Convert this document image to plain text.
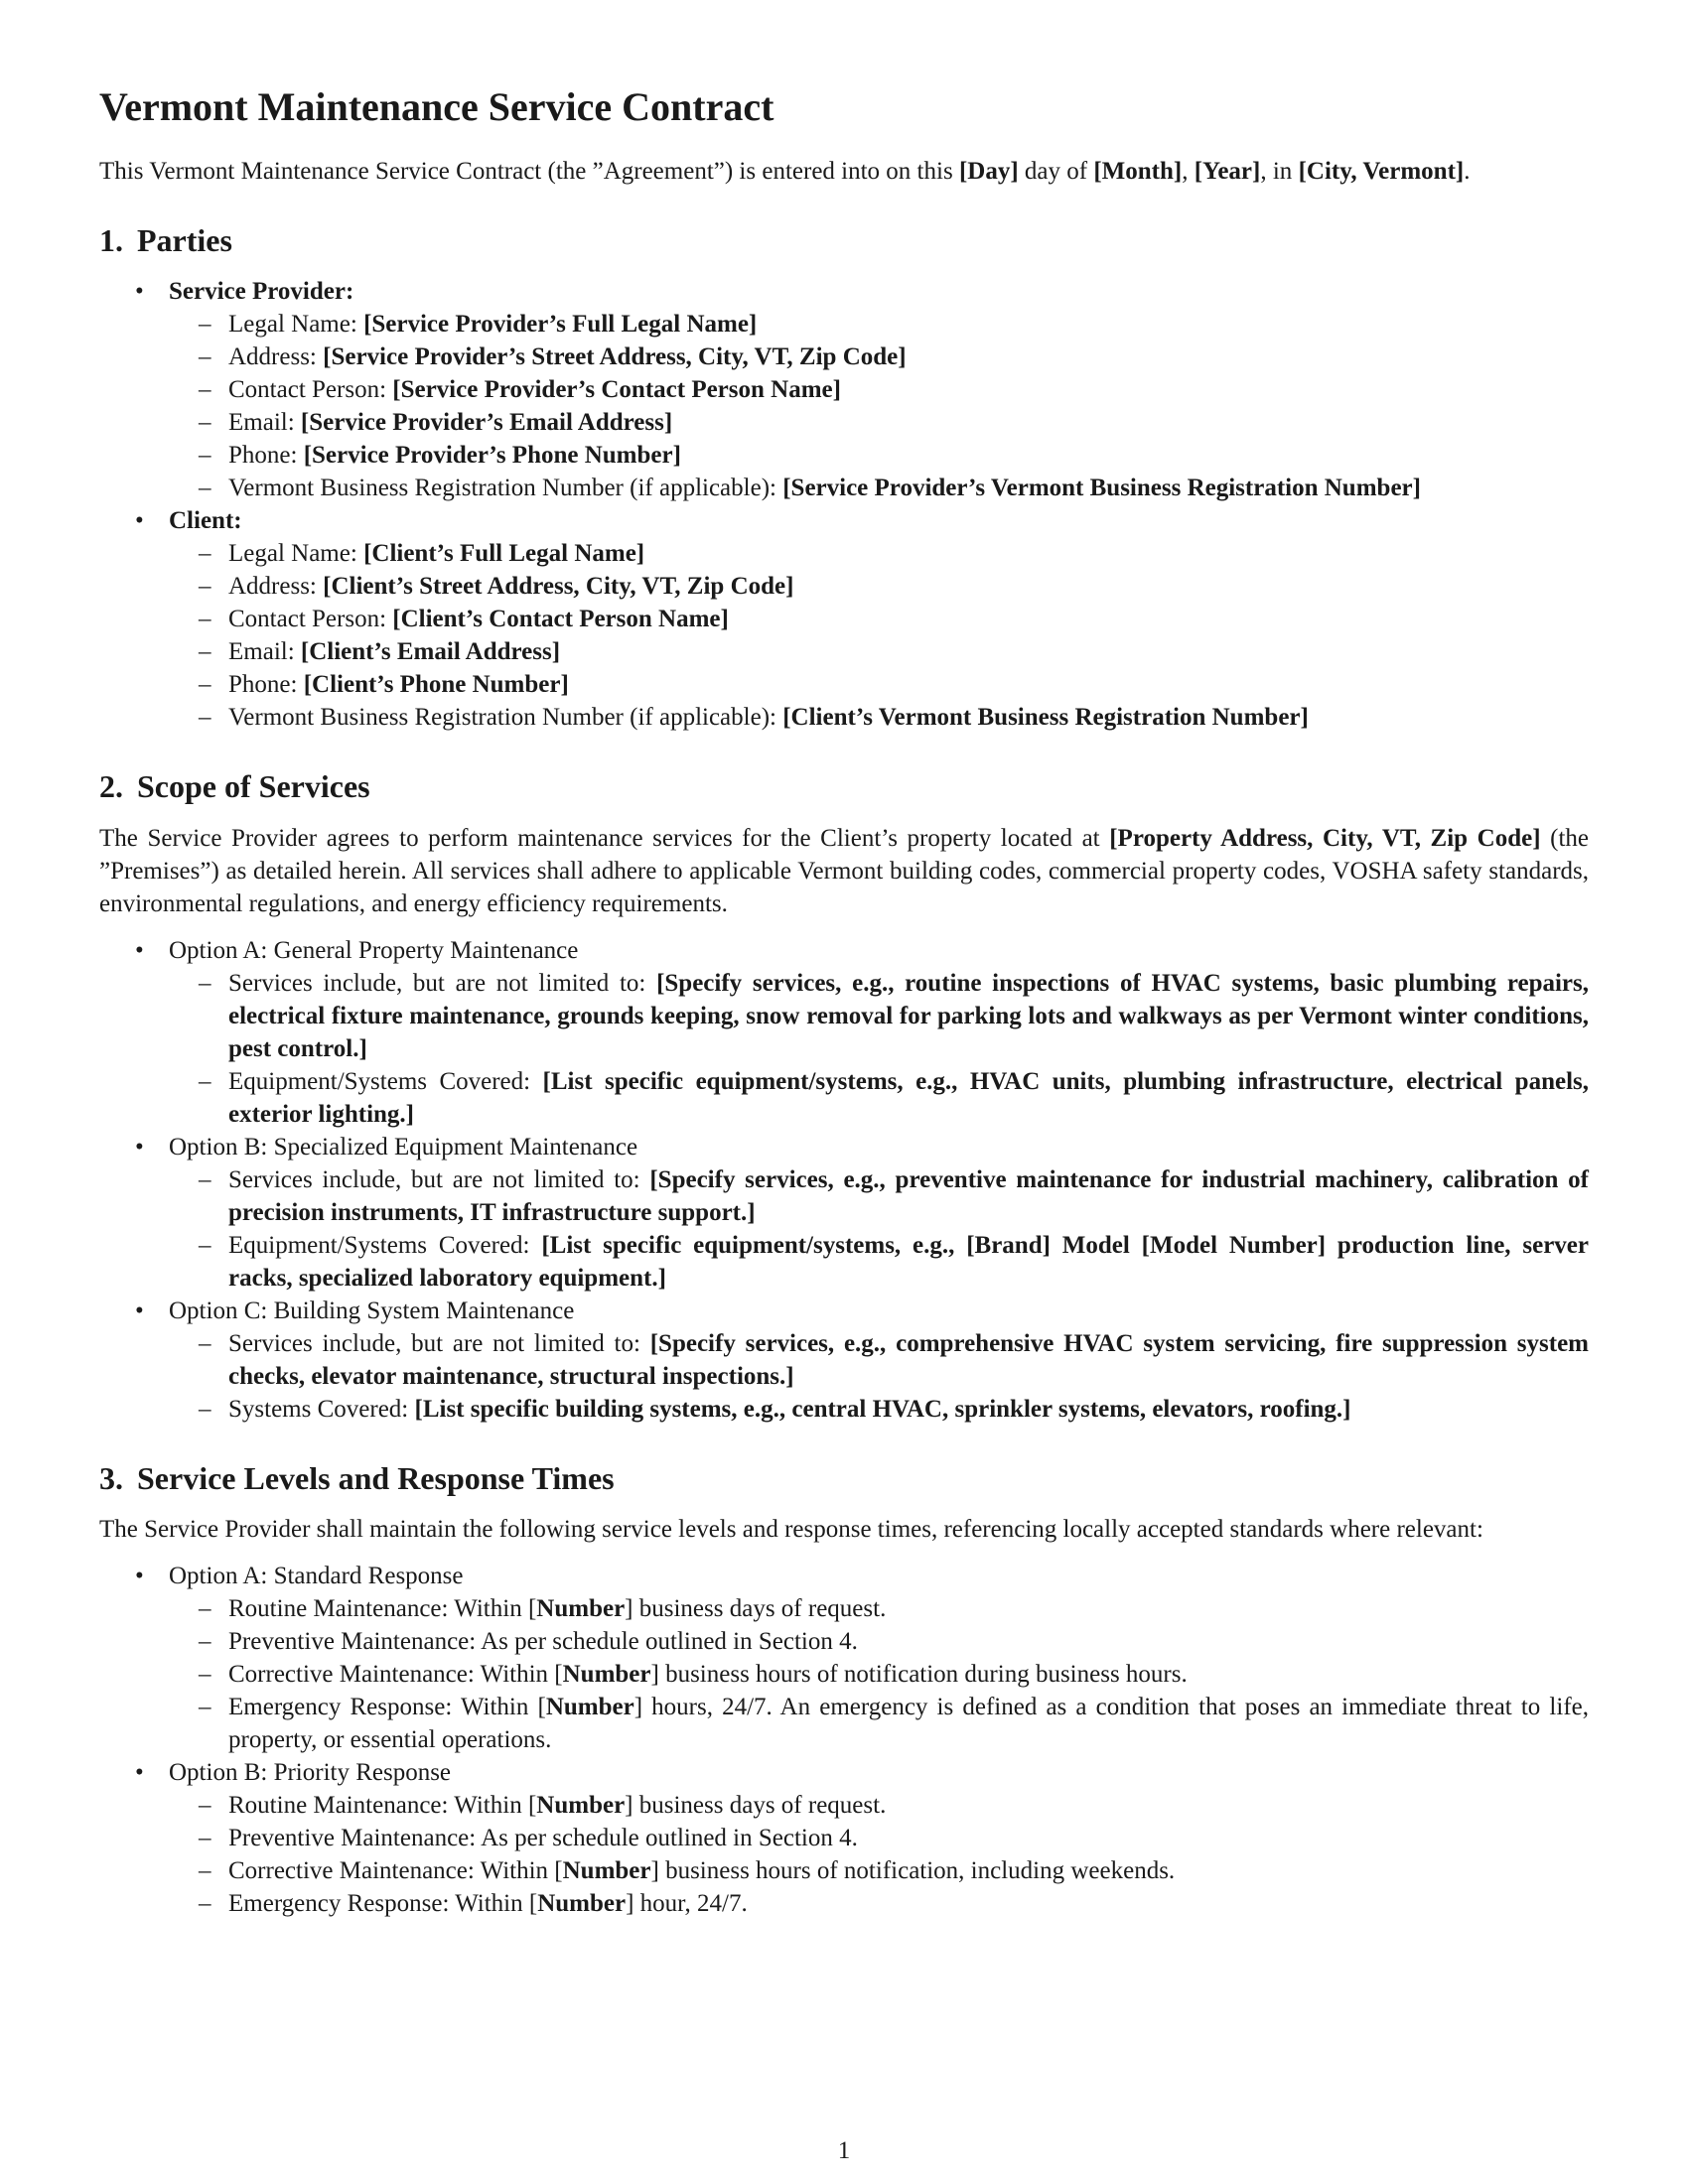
Vermont Maintenance Service Contract

This Vermont Maintenance Service Contract (the ”Agreement”) is entered into on this [Day] day of [Month], [Year], in [City, Vermont].

1. Parties
• Service Provider:
– Legal Name: [Service Provider’s Full Legal Name]
– Address: [Service Provider’s Street Address, City, VT, Zip Code]
– Contact Person: [Service Provider’s Contact Person Name]
– Email: [Service Provider’s Email Address]
– Phone: [Service Provider’s Phone Number]
– Vermont Business Registration Number (if applicable): [Service Provider’s Vermont Business Registration Number]
• Client:
– Legal Name: [Client’s Full Legal Name]
– Address: [Client’s Street Address, City, VT, Zip Code]
– Contact Person: [Client’s Contact Person Name]
– Email: [Client’s Email Address]
– Phone: [Client’s Phone Number]
– Vermont Business Registration Number (if applicable): [Client’s Vermont Business Registration Number]
2. Scope of Services

The Service Provider agrees to perform maintenance services for the Client’s property located at [Property Address, City, VT, Zip Code] (the ”Premises”) as detailed herein. All services shall adhere to applicable Vermont building codes, commercial property codes, VOSHA safety standards, environmental regulations, and energy efficiency requirements.

• Option A: General Property Maintenance
– Services include, but are not limited to: [Specify services, e.g., routine inspections of HVAC systems, basic plumbing repairs, electrical fixture maintenance, grounds keeping, snow removal for parking lots and walkways as per Vermont winter conditions, pest control.]
– Equipment/Systems Covered: [List specific equipment/systems, e.g., HVAC units, plumbing infrastructure, electrical panels, exterior lighting.]
• Option B: Specialized Equipment Maintenance
– Services include, but are not limited to: [Specify services, e.g., preventive maintenance for industrial machinery, calibration of precision instruments, IT infrastructure support.]
– Equipment/Systems Covered: [List specific equipment/systems, e.g., [Brand] Model [Model Number] production line, server racks, specialized laboratory equipment.]
• Option C: Building System Maintenance
– Services include, but are not limited to: [Specify services, e.g., comprehensive HVAC system servicing, fire suppression system checks, elevator maintenance, structural inspections.]
– Systems Covered: [List specific building systems, e.g., central HVAC, sprinkler systems, elevators, roofing.]
3. Service Levels and Response Times

The Service Provider shall maintain the following service levels and response times, referencing locally accepted standards where relevant:

• Option A: Standard Response
– Routine Maintenance: Within [Number] business days of request.
– Preventive Maintenance: As per schedule outlined in Section 4.
– Corrective Maintenance: Within [Number] business hours of notification during business hours.
– Emergency Response: Within [Number] hours, 24/7. An emergency is defined as a condition that poses an immediate threat to life, property, or essential operations.
• Option B: Priority Response
– Routine Maintenance: Within [Number] business days of request.
– Preventive Maintenance: As per schedule outlined in Section 4.
– Corrective Maintenance: Within [Number] business hours of notification, including weekends.
– Emergency Response: Within [Number] hour, 24/7.
1
